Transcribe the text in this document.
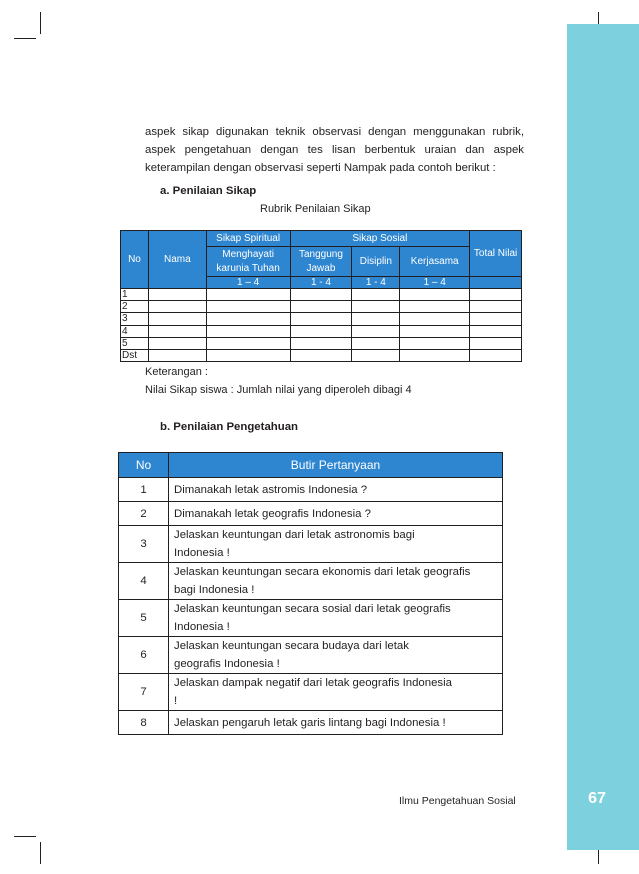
aspek sikap digunakan teknik observasi dengan menggunakan rubrik,
aspek pengetahuan dengan tes lisan berbentuk uraian dan aspek
keterampilan dengan observasi seperti Nampak pada contoh berikut :
a. Penilaian Sikap
Rubrik Penilaian Sikap
No	Nama	Sikap Spiritual	Sikap Sosial			Total Nilai

		Menghayati karunia Tuhan	Tanggung Jawab	Disiplin	Kerjasama	
		1 – 4	1 - 4	1 - 4	1 – 4	
1						
2						
3						
4						
5						
Dst						
Keterangan :
Nilai Sikap siswa : Jumlah nilai yang diperoleh dibagi 4
b. Penilaian Pengetahuan
No	Butir Pertanyaan
1	Dimanakah letak astromis Indonesia ?
2	Dimanakah letak geografis Indonesia ?
3	Jelaskan keuntungan dari letak astronomis bagi Indonesia !
4	Jelaskan keuntungan secara ekonomis dari letak geografis bagi Indonesia !
5	Jelaskan keuntungan secara sosial dari letak geografis Indonesia !
6	Jelaskan keuntungan secara budaya dari letak geografis Indonesia !
7	Jelaskan dampak negatif dari letak geografis Indonesia !
8	Jelaskan pengaruh letak garis lintang bagi Indonesia !
Ilmu Pengetahuan Sosial	67
